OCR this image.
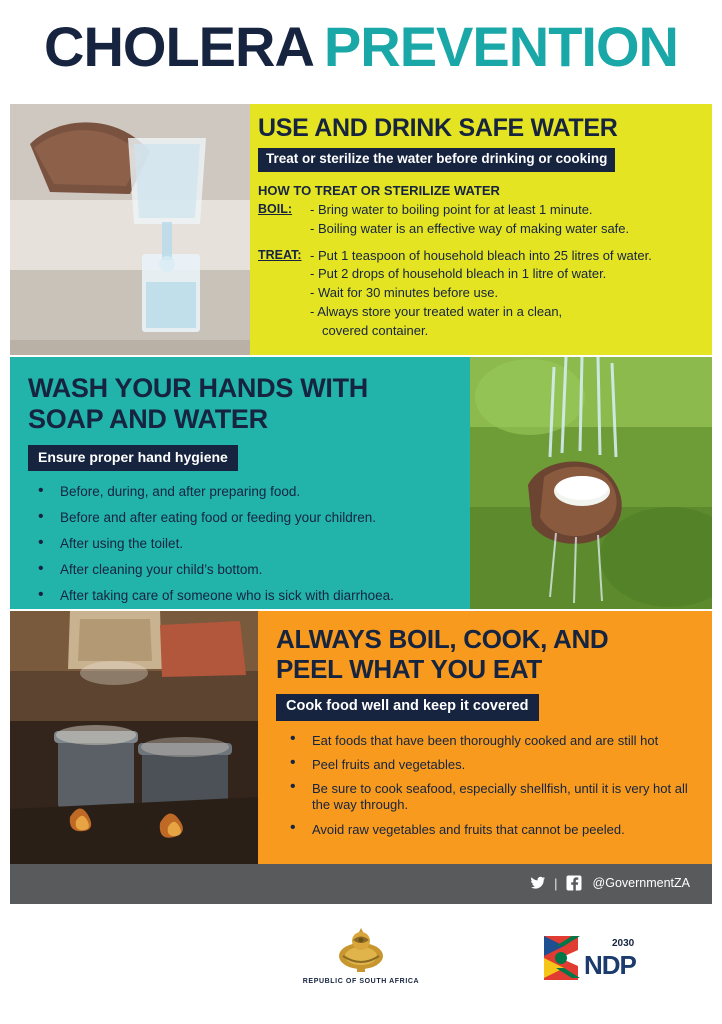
CHOLERA PREVENTION
USE AND DRINK SAFE WATER
Treat or sterilize the water before drinking or cooking
HOW TO TREAT OR STERILIZE WATER
BOIL:	- Bring water to boiling point for at least 1 minute.
- Boiling water is an effective way of making water safe.
TREAT: - Put 1 teaspoon of household bleach into 25 litres of water.
- Put 2 drops of household bleach in 1 litre of water.
- Wait for 30 minutes before use.
- Always store your treated water in a clean,
covered container.
WASH YOUR HANDS WITH
SOAP AND WATER
Ensure proper hand hygiene
• Before, during, and after preparing food.
• Before and after eating food or feeding your children.
• After using the toilet.
• After cleaning your child’s bottom.
• After taking care of someone who is sick with diarrhoea.
ALWAYS BOIL, COOK, AND
PEEL WHAT YOU EAT
Cook food well and keep it covered
• Eat foods that have been thoroughly cooked and are still hot
• Peel fruits and vegetables.
• Be sure to cook seafood, especially shellfish, until it is very hot all the way through.
• Avoid raw vegetables and fruits that cannot be peeled.
|	@GovernmentZA
REPUBLIC OF SOUTH AFRICA
2030
NDP
